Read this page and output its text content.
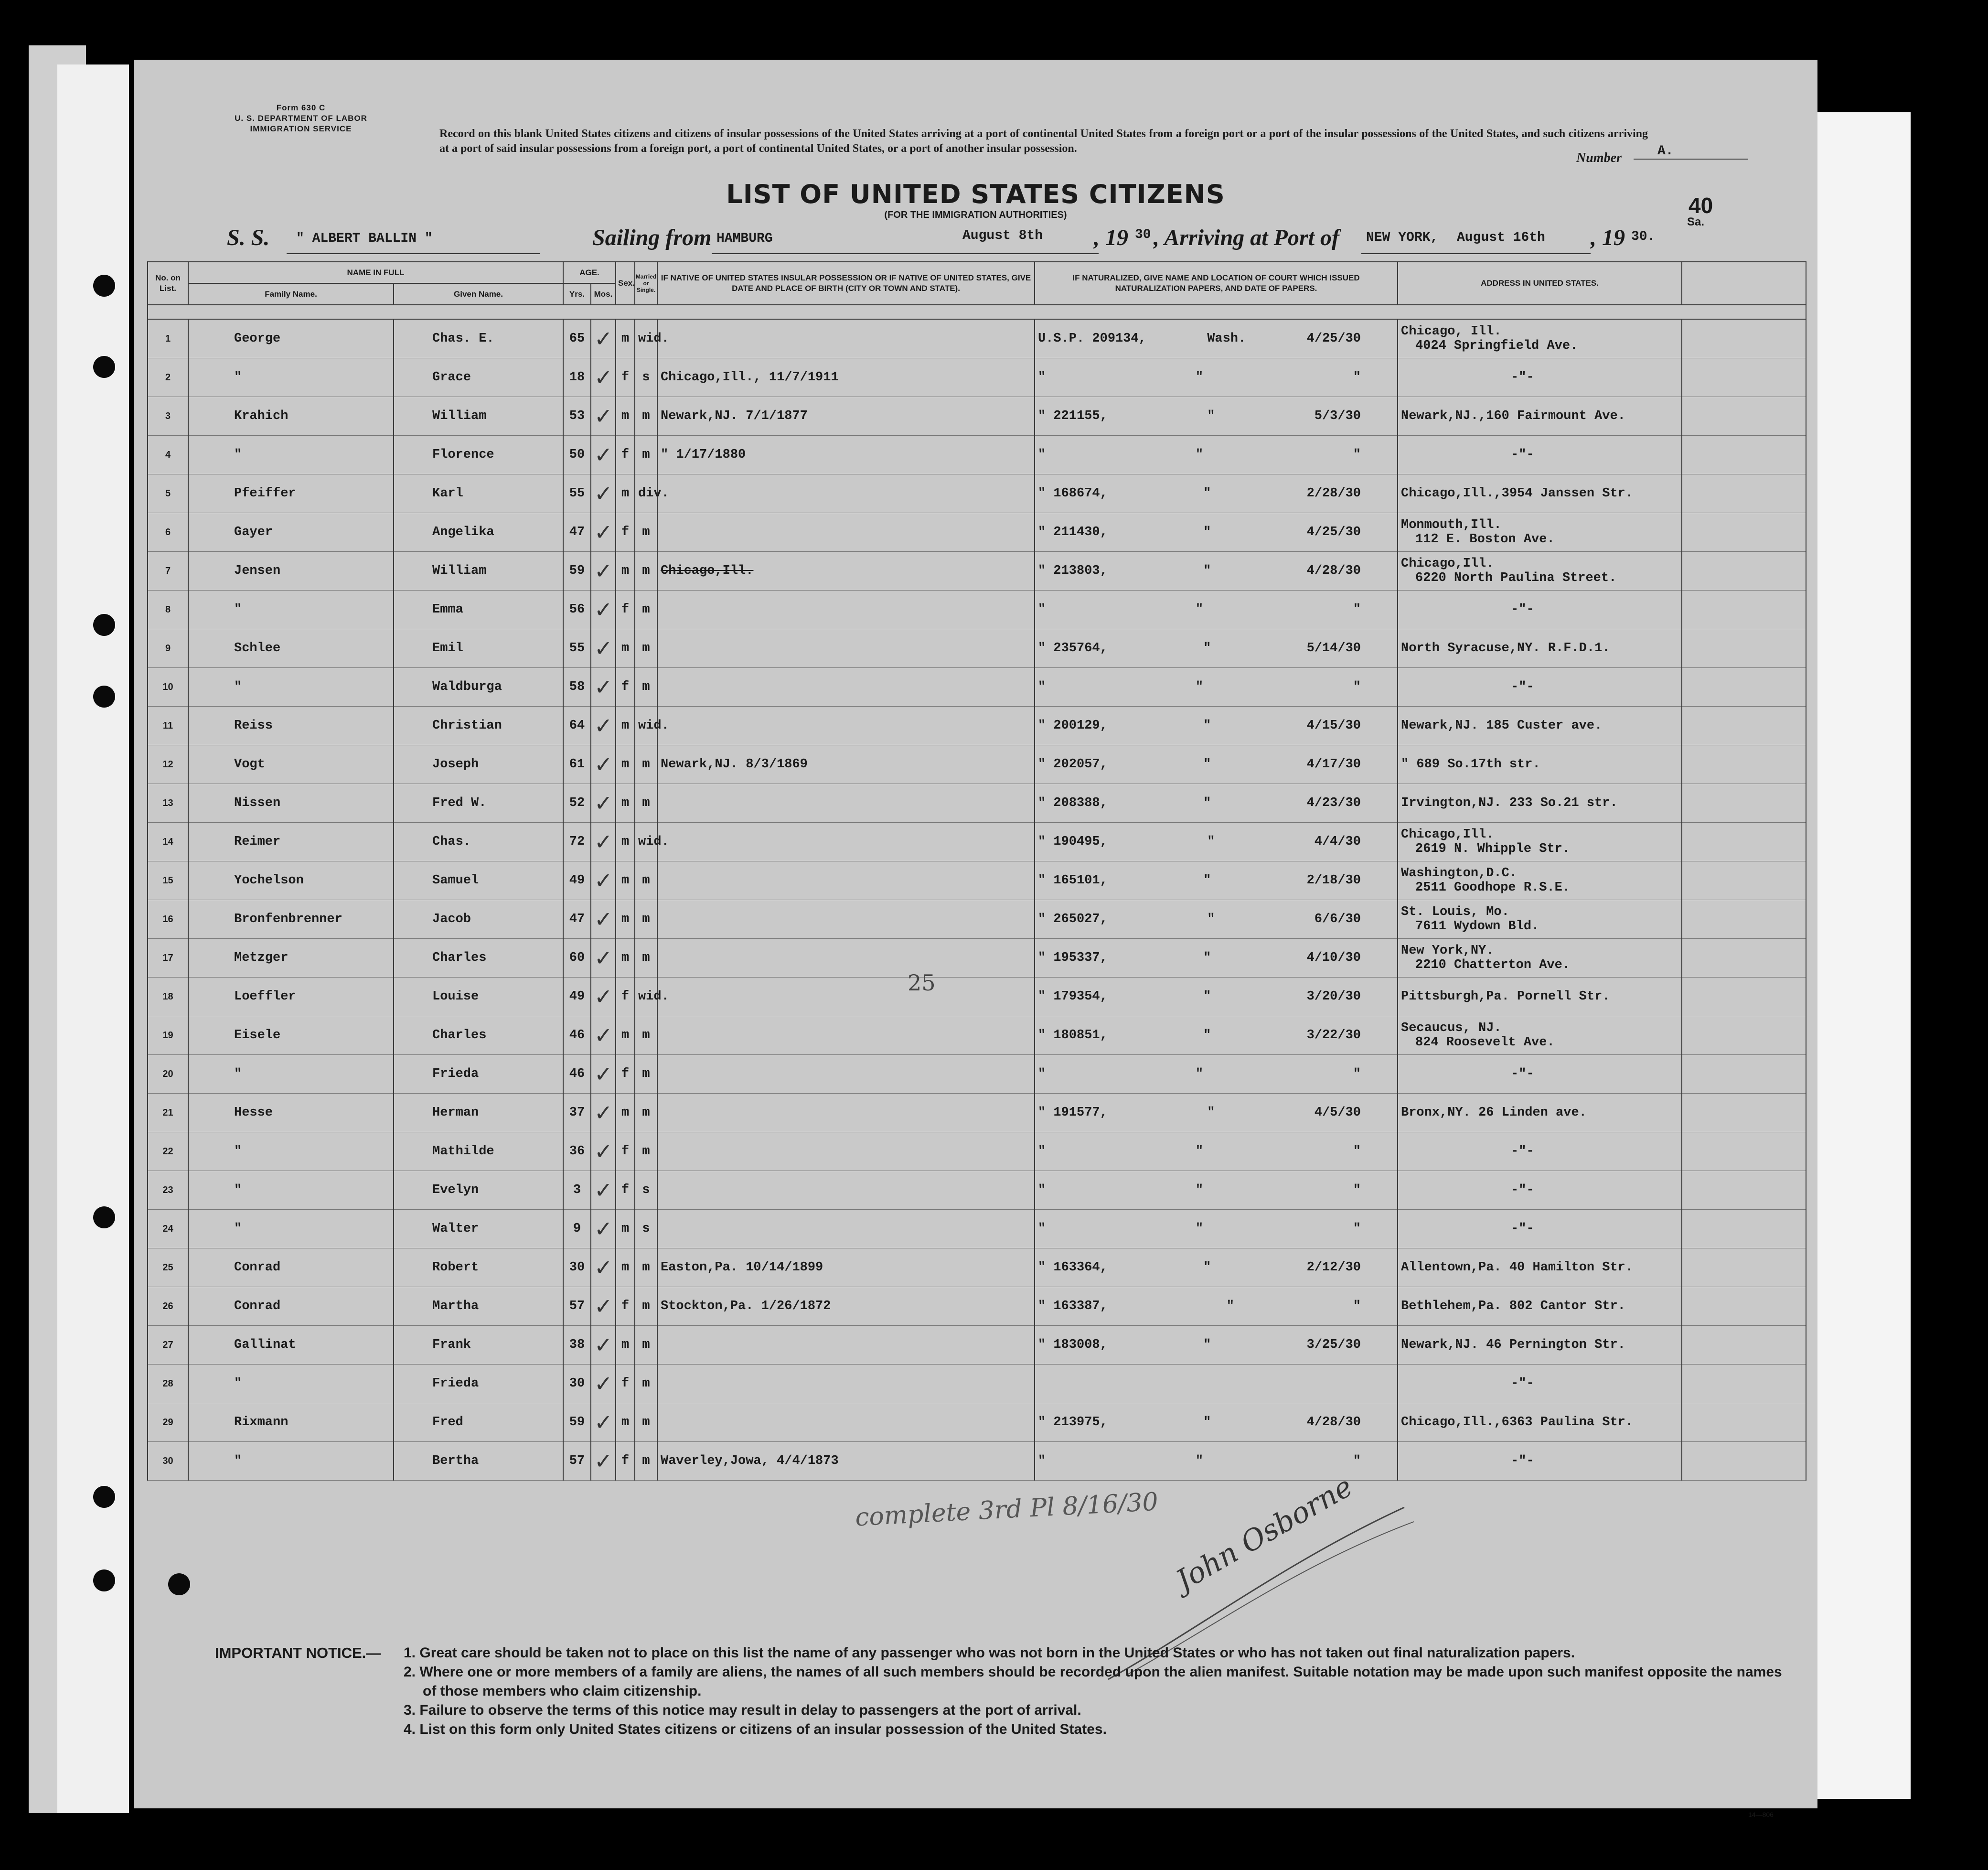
Form 630 C
U. S. DEPARTMENT OF LABOR
IMMIGRATION SERVICE	Record on this blank United States citizens and citizens of insular possessions of the United States arriving at a port of continental United States from a foreign port or a port of the insular possessions of the United States, and such citizens arriving at a port of said insular possessions from a foreign port, a port of continental United States, or a port of another insular possession.
Number	A.
LIST OF UNITED STATES CITIZENS
(FOR THE IMMIGRATION AUTHORITIES)	40
Sa.
S. S. " ALBERT BALLIN "	Sailing from HAMBURG	August 8th , 19 30 , Arriving at Port of NEW YORK, August 16th , 19 30.
No. on List.	NAME IN FULL		AGE.		Sex.	Married or Single.	IF NATIVE OF UNITED STATES INSULAR POSSESSION OR IF NATIVE OF UNITED STATES, GIVE DATE AND PLACE OF BIRTH (CITY OR TOWN AND STATE).	IF NATURALIZED, GIVE NAME AND LOCATION OF COURT WHICH ISSUED NATURALIZATION PAPERS, AND DATE OF PAPERS.	ADDRESS IN UNITED STATES.	
	Family Name.	Given Name.	Yrs.	Mos.						

1	George	Chas. E.	65	✓	m	wid.		U.S.P. 209134, Wash. 4/25/30	Chicago, Ill.
4024 Springfield Ave.	

2	"	Grace	18	✓	f	s	Chicago,Ill., 11/7/1911	" " "	-"-	

3	Krahich	William	53	✓	m	m	Newark,NJ. 7/1/1877	" 221155, " 5/3/30	Newark,NJ.,160 Fairmount Ave.	

4	"	Florence	50	✓	f	m	" 1/17/1880	" " "	-"-	

5	Pfeiffer	Karl	55	✓	m	div.		" 168674, " 2/28/30	Chicago,Ill.,3954 Janssen Str.	

6	Gayer	Angelika	47	✓	f	m		" 211430, " 4/25/30	Monmouth,Ill.
112 E. Boston Ave.	

7	Jensen	William	59	✓	m	m	Chicago,Ill.	" 213803, " 4/28/30	Chicago,Ill.
6220 North Paulina Street.	

8	"	Emma	56	✓	f	m		" " "	-"-	

9	Schlee	Emil	55	✓	m	m		" 235764, " 5/14/30	North Syracuse,NY. R.F.D.1.	

10	"	Waldburga	58	✓	f	m		" " "	-"-	

11	Reiss	Christian	64	✓	m	wid.		" 200129, " 4/15/30	Newark,NJ. 185 Custer ave.	

12	Vogt	Joseph	61	✓	m	m	Newark,NJ. 8/3/1869	" 202057, " 4/17/30	" 689 So.17th str.	

13	Nissen	Fred W.	52	✓	m	m		" 208388, " 4/23/30	Irvington,NJ. 233 So.21 str.	

14	Reimer	Chas.	72	✓	m	wid.		" 190495, " 4/4/30	Chicago,Ill.
2619 N. Whipple Str.	

15	Yochelson	Samuel	49	✓	m	m		" 165101, " 2/18/30	Washington,D.C.
2511 Goodhope R.S.E.	

16	Bronfenbrenner	Jacob	47	✓	m	m		" 265027, " 6/6/30	St. Louis, Mo.
7611 Wydown Bld.	

17	Metzger	Charles	60	✓	m	m		" 195337, " 4/10/30	New York,NY.
2210 Chatterton Ave.	

18	Loeffler	Louise	49	✓	f	wid.		" 179354, " 3/20/30	Pittsburgh,Pa. Pornell Str.	

19	Eisele	Charles	46	✓	m	m		" 180851, " 3/22/30	Secaucus, NJ.
824 Roosevelt Ave.	

20	"	Frieda	46	✓	f	m		" " "	-"-	

21	Hesse	Herman	37	✓	m	m		" 191577, " 4/5/30	Bronx,NY. 26 Linden ave.	

22	"	Mathilde	36	✓	f	m		" " "	-"-	

23	"	Evelyn	3	✓	f	s		" " "	-"-	

24	"	Walter	9	✓	m	s		" " "	-"-	

25	Conrad	Robert	30	✓	m	m	Easton,Pa. 10/14/1899	" 163364, " 2/12/30	Allentown,Pa. 40 Hamilton Str.	

26	Conrad	Martha	57	✓	f	m	Stockton,Pa. 1/26/1872	" 163387, " "	Bethlehem,Pa. 802 Cantor Str.	

27	Gallinat	Frank	38	✓	m	m		" 183008, " 3/25/30	Newark,NJ. 46 Pernington Str.	

28	"	Frieda	30	✓	f	m			-"-	

29	Rixmann	Fred	59	✓	m	m		" 213975, " 4/28/30	Chicago,Ill.,6363 Paulina Str.	

30	"	Bertha	57	✓	f	m	Waverley,Jowa, 4/4/1873	" " "	-"-	

25
complete 3rd Pl 8/16/30 John Osborne
IMPORTANT NOTICE.— 1. Great care should be taken not to place on this list the name of any passenger who was not born in the United States or who has not taken out final naturalization papers.
2. Where one or more members of a family are aliens, the names of all such members should be recorded upon the alien manifest. Suitable notation may be made upon such manifest opposite the names of those members who claim citizenship.
3. Failure to observe the terms of this notice may result in delay to passengers at the port of arrival.
4. List on this form only United States citizens or citizens of an insular possession of the United States.
14—806
